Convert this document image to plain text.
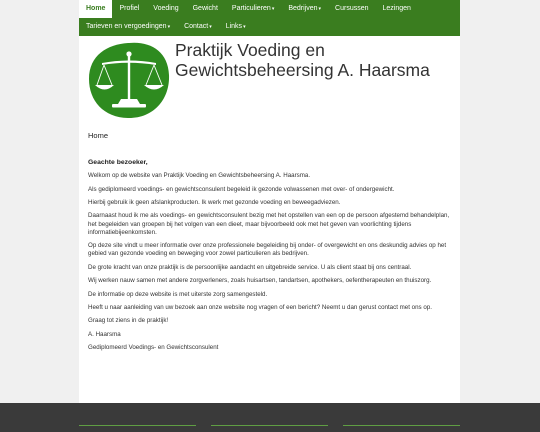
Home	Profiel	Voeding	Gewicht	Particulieren▾	Bedrijven▾	Cursussen	Lezingen
Tarieven en vergoedingen▾	Contact▾	Links▾
Praktijk Voeding en
Gewichtsbeheersing A. Haarsma
Home

Geachte bezoeker,

Welkom op de website van Praktijk Voeding en Gewichtsbeheersing A. Haarsma.

Als gediplomeerd voedings- en gewichtsconsulent begeleid ik gezonde volwassenen met over- of ondergewicht.

Hierbij gebruik ik geen afslankproducten. Ik werk met gezonde voeding en beweegadviezen.

Daarnaast houd ik me als voedings- en gewichtsconsulent bezig met het opstellen van een op de persoon afgestemd behandelplan, het begeleiden van groepen bij het volgen van een dieet, maar bijvoorbeeld ook met het geven van voorlichting tijdens informatiebijeenkomsten.

Op deze site vindt u meer informatie over onze professionele begeleiding bij onder- of overgewicht en ons deskundig advies op het gebied van gezonde voeding en beweging voor zowel particulieren als bedrijven.

De grote kracht van onze praktijk is de persoonlijke aandacht en uitgebreide service. U als client staat bij ons centraal.

Wij werken nauw samen met andere zorgverleners, zoals huisartsen, tandartsen, apothekers, oefentherapeuten en thuiszorg.

De informatie op deze website is met uiterste zorg samengesteld.

Heeft u naar aanleiding van uw bezoek aan onze website nog vragen of een bericht? Neemt u dan gerust contact met ons op.

Graag tot ziens in de praktijk!

A. Haarsma

Gediplomeerd Voedings- en Gewichtsconsulent
